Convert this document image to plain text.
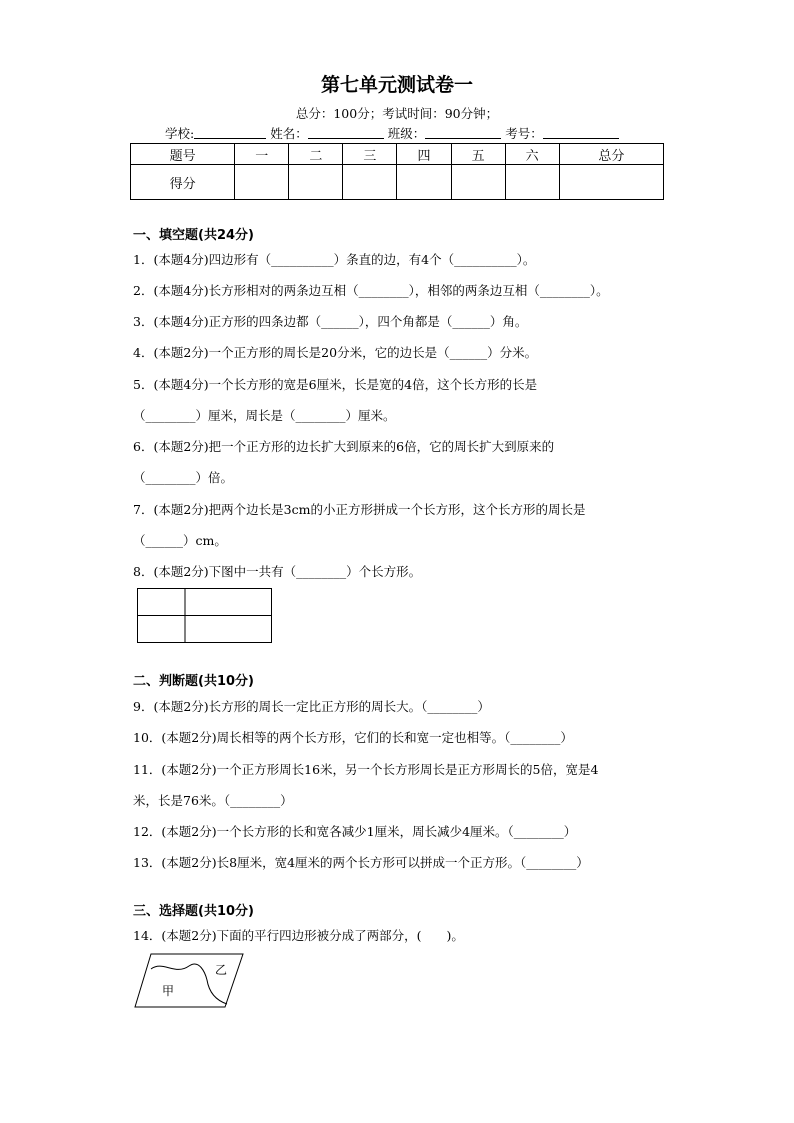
第七单元测试卷一
总分：100分；考试时间：90分钟；
学校:	姓名：	班级：	考号：
题号	一	二	三	四	五	六	总分
得分							
一、填空题(共24分)
1．(本题4分)四边形有（__________）条直的边，有4个（__________）。
2．(本题4分)长方形相对的两条边互相（________），相邻的两条边互相（________）。
3．(本题4分)正方形的四条边都（______），四个角都是（______）角。
4．(本题2分)一个正方形的周长是20分米，它的边长是（______）分米。
5．(本题4分)一个长方形的宽是6厘米，长是宽的4倍，这个长方形的长是
（________）厘米，周长是（________）厘米。
6．(本题2分)把一个正方形的边长扩大到原来的6倍，它的周长扩大到原来的
（________）倍。
7．(本题2分)把两个边长是3cm的小正方形拼成一个长方形，这个长方形的周长是
（______）cm。
8．(本题2分)下图中一共有（________）个长方形。
二、判断题(共10分)
9．(本题2分)长方形的周长一定比正方形的周长大。（________）
10．(本题2分)周长相等的两个长方形，它们的长和宽一定也相等。（________）
11．(本题2分)一个正方形周长16米，另一个长方形周长是正方形周长的5倍，宽是4
米，长是76米。（________）
12．(本题2分)一个长方形的长和宽各减少1厘米，周长减少4厘米。（________）
13．(本题2分)长8厘米，宽4厘米的两个长方形可以拼成一个正方形。（________）
三、选择题(共10分)
14．(本题2分)下面的平行四边形被分成了两部分，(　　)。
甲
乙
